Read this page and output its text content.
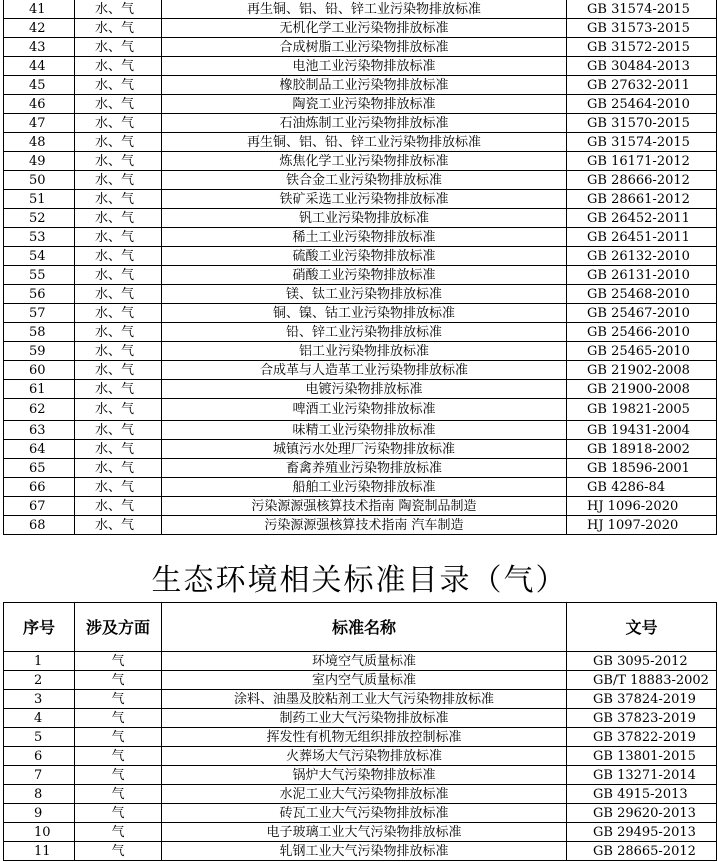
41	水、气	再生铜、铝、铅、锌工业污染物排放标准	GB 31574-2015
42	水、气	无机化学工业污染物排放标准	GB 31573-2015
43	水、气	合成树脂工业污染物排放标准	GB 31572-2015
44	水、气	电池工业污染物排放标准	GB 30484-2013
45	水、气	橡胶制品工业污染物排放标准	GB 27632-2011
46	水、气	陶瓷工业污染物排放标准	GB 25464-2010
47	水、气	石油炼制工业污染物排放标准	GB 31570-2015
48	水、气	再生铜、铝、铅、锌工业污染物排放标准	GB 31574-2015
49	水、气	炼焦化学工业污染物排放标准	GB 16171-2012
50	水、气	铁合金工业污染物排放标准	GB 28666-2012
51	水、气	铁矿采选工业污染物排放标准	GB 28661-2012
52	水、气	钒工业污染物排放标准	GB 26452-2011
53	水、气	稀土工业污染物排放标准	GB 26451-2011
54	水、气	硫酸工业污染物排放标准	GB 26132-2010
55	水、气	硝酸工业污染物排放标准	GB 26131-2010
56	水、气	镁、钛工业污染物排放标准	GB 25468-2010
57	水、气	铜、镍、钴工业污染物排放标准	GB 25467-2010
58	水、气	铅、锌工业污染物排放标准	GB 25466-2010
59	水、气	铝工业污染物排放标准	GB 25465-2010
60	水、气	合成革与人造革工业污染物排放标准	GB 21902-2008
61	水、气	电镀污染物排放标准	GB 21900-2008
62	水、气	啤酒工业污染物排放标准	GB 19821-2005
63	水、气	味精工业污染物排放标准	GB 19431-2004
64	水、气	城镇污水处理厂污染物排放标准	GB 18918-2002
65	水、气	畜禽养殖业污染物排放标准	GB 18596-2001
66	水、气	船舶工业污染物排放标准	GB 4286-84
67	水、气	污染源源强核算技术指南 陶瓷制品制造	HJ 1096-2020
68	水、气	污染源源强核算技术指南 汽车制造	HJ 1097-2020
生态环境相关标准目录（气）
序号	涉及方面	标准名称	文号
1	气	环境空气质量标准	GB 3095-2012
2	气	室内空气质量标准	GB/T 18883-2002
3	气	涂料、油墨及胶粘剂工业大气污染物排放标准	GB 37824-2019
4	气	制药工业大气污染物排放标准	GB 37823-2019
5	气	挥发性有机物无组织排放控制标准	GB 37822-2019
6	气	火葬场大气污染物排放标准	GB 13801-2015
7	气	锅炉大气污染物排放标准	GB 13271-2014
8	气	水泥工业大气污染物排放标准	GB 4915-2013
9	气	砖瓦工业大气污染物排放标准	GB 29620-2013
10	气	电子玻璃工业大气污染物排放标准	GB 29495-2013
11	气	轧钢工业大气污染物排放标准	GB 28665-2012
